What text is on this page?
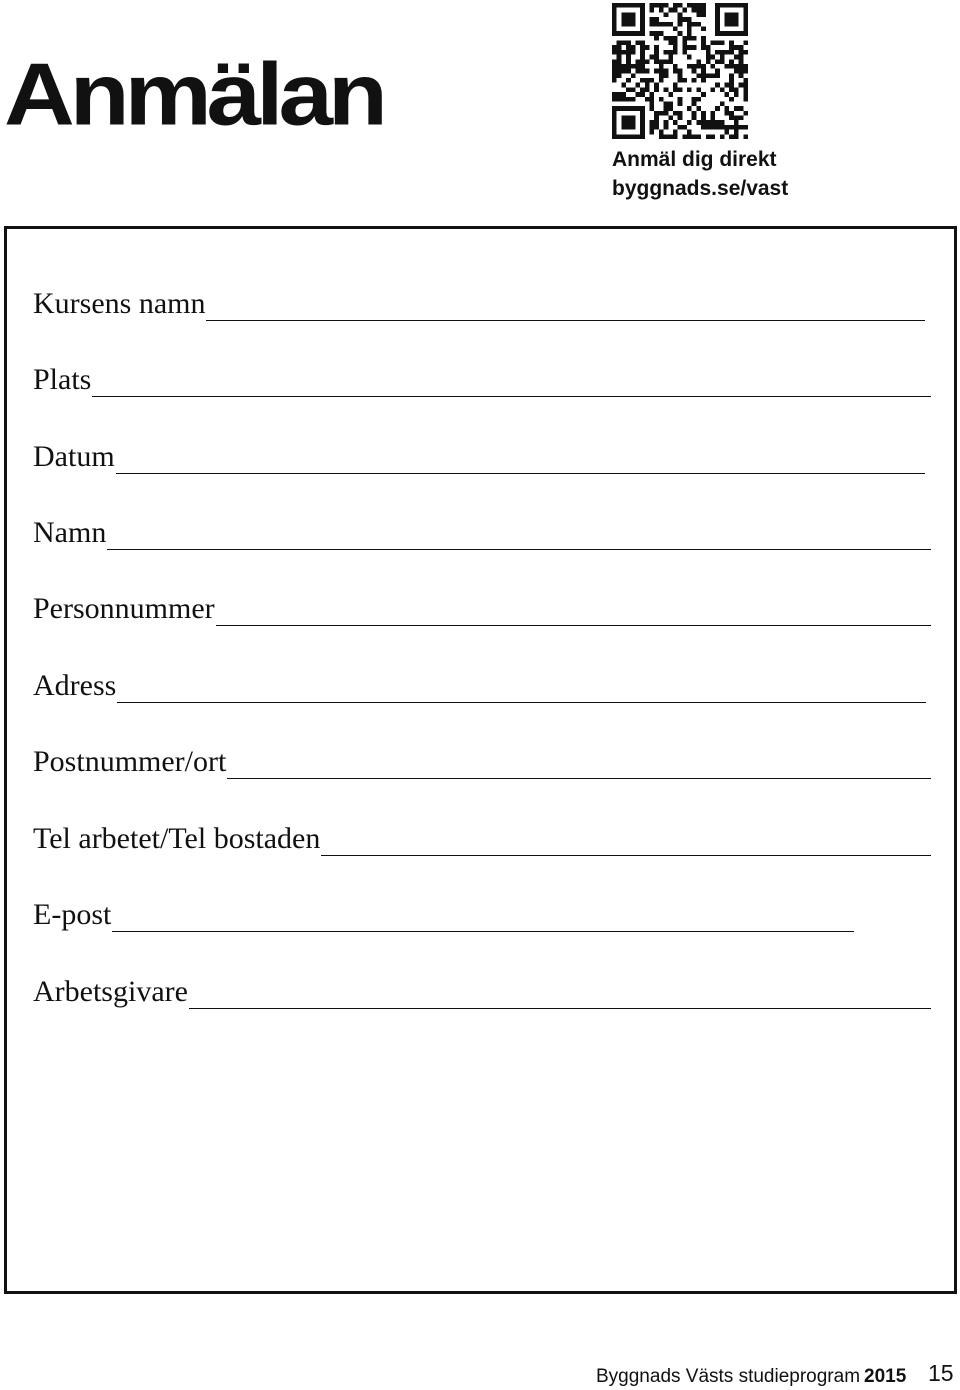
Anmälan
Anmäl dig direkt
byggnads.se/vast
Kursens namn
Plats
Datum
Namn
Personnummer
Adress
Postnummer/ort
Tel arbetet/Tel bostaden
E-post
Arbetsgivare
Byggnads Västs studieprogram 2015 15
